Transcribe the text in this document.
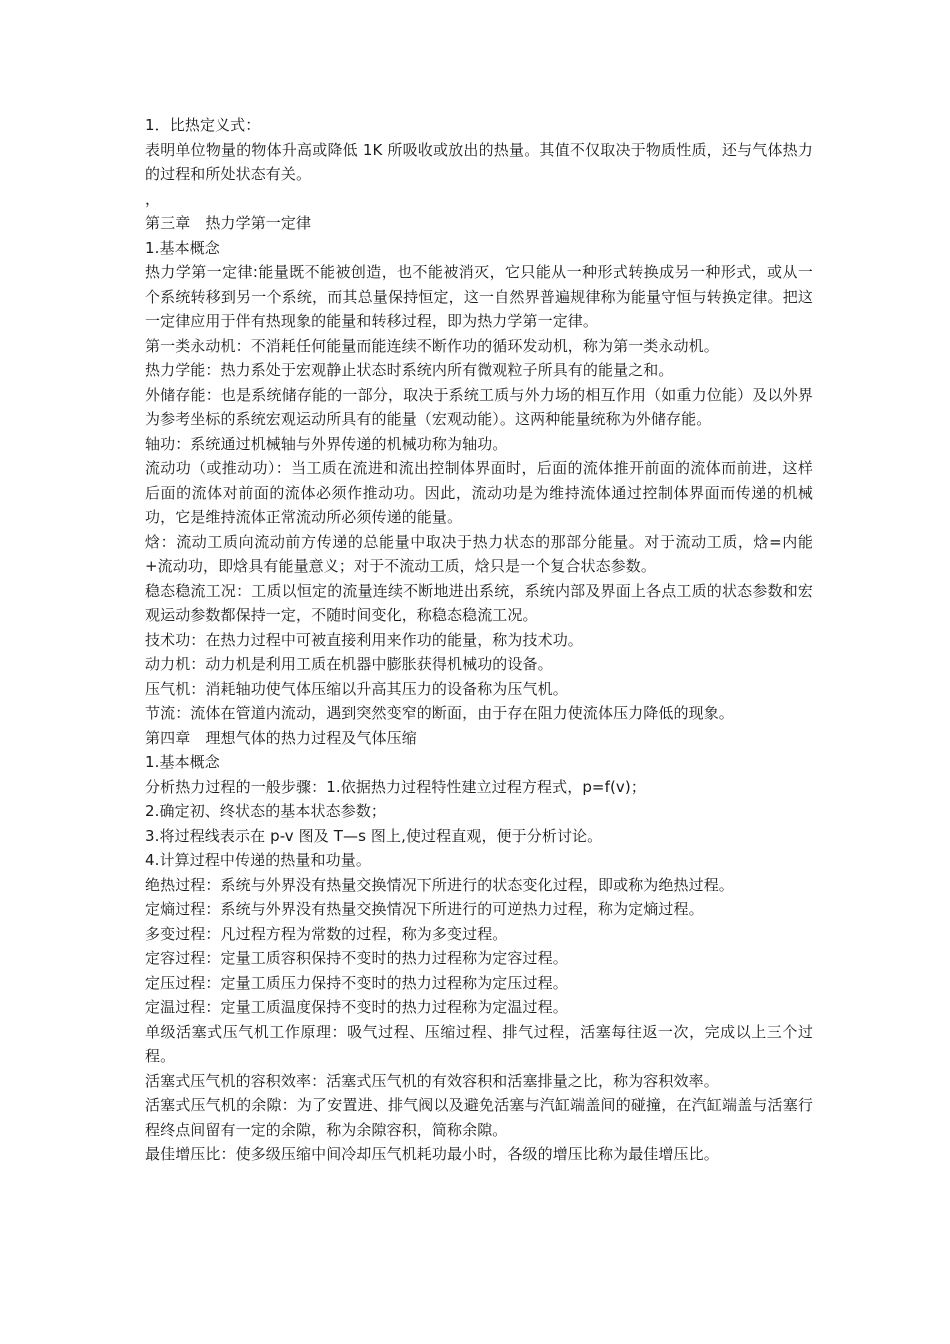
1．比热定义式：

表明单位物量的物体升高或降低 1K 所吸收或放出的热量。其值不仅取决于物质性质，还与气体热力的过程和所处状态有关。

，

第三章　热力学第一定律

1.基本概念

热力学第一定律:能量既不能被创造，也不能被消灭，它只能从一种形式转换成另一种形式，或从一个系统转移到另一个系统，而其总量保持恒定，这一自然界普遍规律称为能量守恒与转换定律。把这一定律应用于伴有热现象的能量和转移过程，即为热力学第一定律。

第一类永动机：不消耗任何能量而能连续不断作功的循环发动机，称为第一类永动机。

热力学能：热力系处于宏观静止状态时系统内所有微观粒子所具有的能量之和。

外储存能：也是系统储存能的一部分，取决于系统工质与外力场的相互作用（如重力位能）及以外界为参考坐标的系统宏观运动所具有的能量（宏观动能）。这两种能量统称为外储存能。

轴功：系统通过机械轴与外界传递的机械功称为轴功。

流动功（或推动功）：当工质在流进和流出控制体界面时，后面的流体推开前面的流体而前进，这样后面的流体对前面的流体必须作推动功。因此，流动功是为维持流体通过控制体界面而传递的机械功，它是维持流体正常流动所必须传递的能量。

焓：流动工质向流动前方传递的总能量中取决于热力状态的那部分能量。对于流动工质，焓=内能+流动功，即焓具有能量意义；对于不流动工质，焓只是一个复合状态参数。

稳态稳流工况：工质以恒定的流量连续不断地进出系统，系统内部及界面上各点工质的状态参数和宏观运动参数都保持一定，不随时间变化，称稳态稳流工况。

技术功：在热力过程中可被直接利用来作功的能量，称为技术功。

动力机：动力机是利用工质在机器中膨胀获得机械功的设备。

压气机：消耗轴功使气体压缩以升高其压力的设备称为压气机。

节流：流体在管道内流动，遇到突然变窄的断面，由于存在阻力使流体压力降低的现象。

第四章　理想气体的热力过程及气体压缩

1.基本概念

分析热力过程的一般步骤：1.依据热力过程特性建立过程方程式，p=f(v)；

2.确定初、终状态的基本状态参数；

3.将过程线表示在 p-v 图及 T—s 图上,使过程直观，便于分析讨论。

4.计算过程中传递的热量和功量。

绝热过程：系统与外界没有热量交换情况下所进行的状态变化过程，即或称为绝热过程。

定熵过程：系统与外界没有热量交换情况下所进行的可逆热力过程，称为定熵过程。

多变过程：凡过程方程为常数的过程，称为多变过程。

定容过程：定量工质容积保持不变时的热力过程称为定容过程。

定压过程：定量工质压力保持不变时的热力过程称为定压过程。

定温过程：定量工质温度保持不变时的热力过程称为定温过程。

单级活塞式压气机工作原理：吸气过程、压缩过程、排气过程，活塞每往返一次，完成以上三个过程。

活塞式压气机的容积效率：活塞式压气机的有效容积和活塞排量之比，称为容积效率。

活塞式压气机的余隙：为了安置进、排气阀以及避免活塞与汽缸端盖间的碰撞，在汽缸端盖与活塞行程终点间留有一定的余隙，称为余隙容积，简称余隙。

最佳增压比：使多级压缩中间冷却压气机耗功最小时，各级的增压比称为最佳增压比。
